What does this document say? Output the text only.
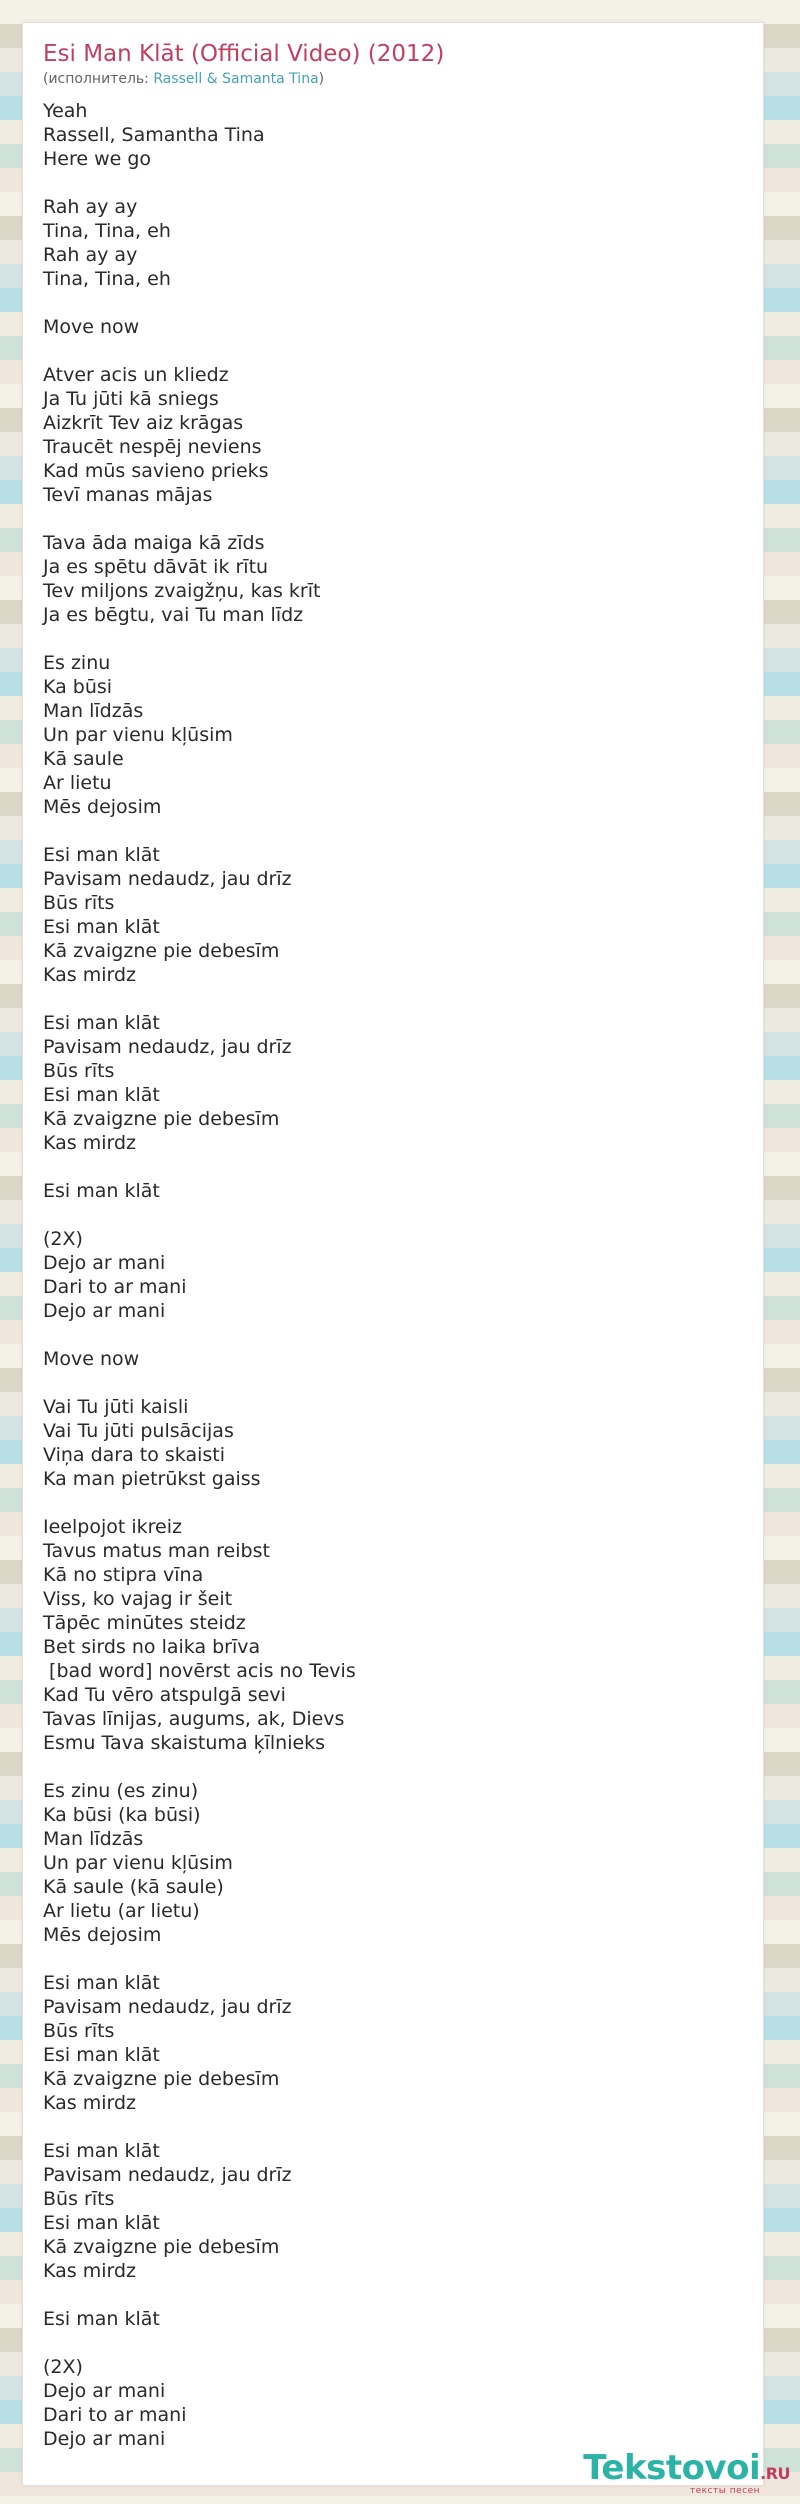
Esi Man Klāt (Official Video) (2012)
(исполнитель: Rassell & Samanta Tina)
Yeah
Rassell, Samantha Tina
Here we go
Rah ay ay
Tina, Tina, eh
Rah ay ay
Tina, Tina, eh
Move now
Atver acis un kliedz
Ja Tu jūti kā sniegs
Aizkrīt Tev aiz krāgas
Traucēt nespēj neviens
Kad mūs savieno prieks
Tevī manas mājas
Tava āda maiga kā zīds
Ja es spētu dāvāt ik rītu
Tev miljons zvaigžņu, kas krīt
Ja es bēgtu, vai Tu man līdz
Es zinu
Ka būsi
Man līdzās
Un par vienu kļūsim
Kā saule
Ar lietu
Mēs dejosim
Esi man klāt
Pavisam nedaudz, jau drīz
Būs rīts
Esi man klāt
Kā zvaigzne pie debesīm
Kas mirdz
Esi man klāt
Pavisam nedaudz, jau drīz
Būs rīts
Esi man klāt
Kā zvaigzne pie debesīm
Kas mirdz
Esi man klāt
(2X)
Dejo ar mani
Dari to ar mani
Dejo ar mani
Move now
Vai Tu jūti kaisli
Vai Tu jūti pulsācijas
Viņa dara to skaisti
Ka man pietrūkst gaiss
Ieelpojot ikreiz
Tavus matus man reibst
Kā no stipra vīna
Viss, ko vajag ir šeit
Tāpēc minūtes steidz
Bet sirds no laika brīva
[bad word] novērst acis no Tevis
Kad Tu vēro atspulgā sevi
Tavas līnijas, augums, ak, Dievs
Esmu Tava skaistuma ķīlnieks
Es zinu (es zinu)
Ka būsi (ka būsi)
Man līdzās
Un par vienu kļūsim
Kā saule (kā saule)
Ar lietu (ar lietu)
Mēs dejosim
Esi man klāt
Pavisam nedaudz, jau drīz
Būs rīts
Esi man klāt
Kā zvaigzne pie debesīm
Kas mirdz
Esi man klāt
Pavisam nedaudz, jau drīz
Būs rīts
Esi man klāt
Kā zvaigzne pie debesīm
Kas mirdz
Esi man klāt
(2X)
Dejo ar mani
Dari to ar mani
Dejo ar mani
Tekstovoi.RU
тексты песен
